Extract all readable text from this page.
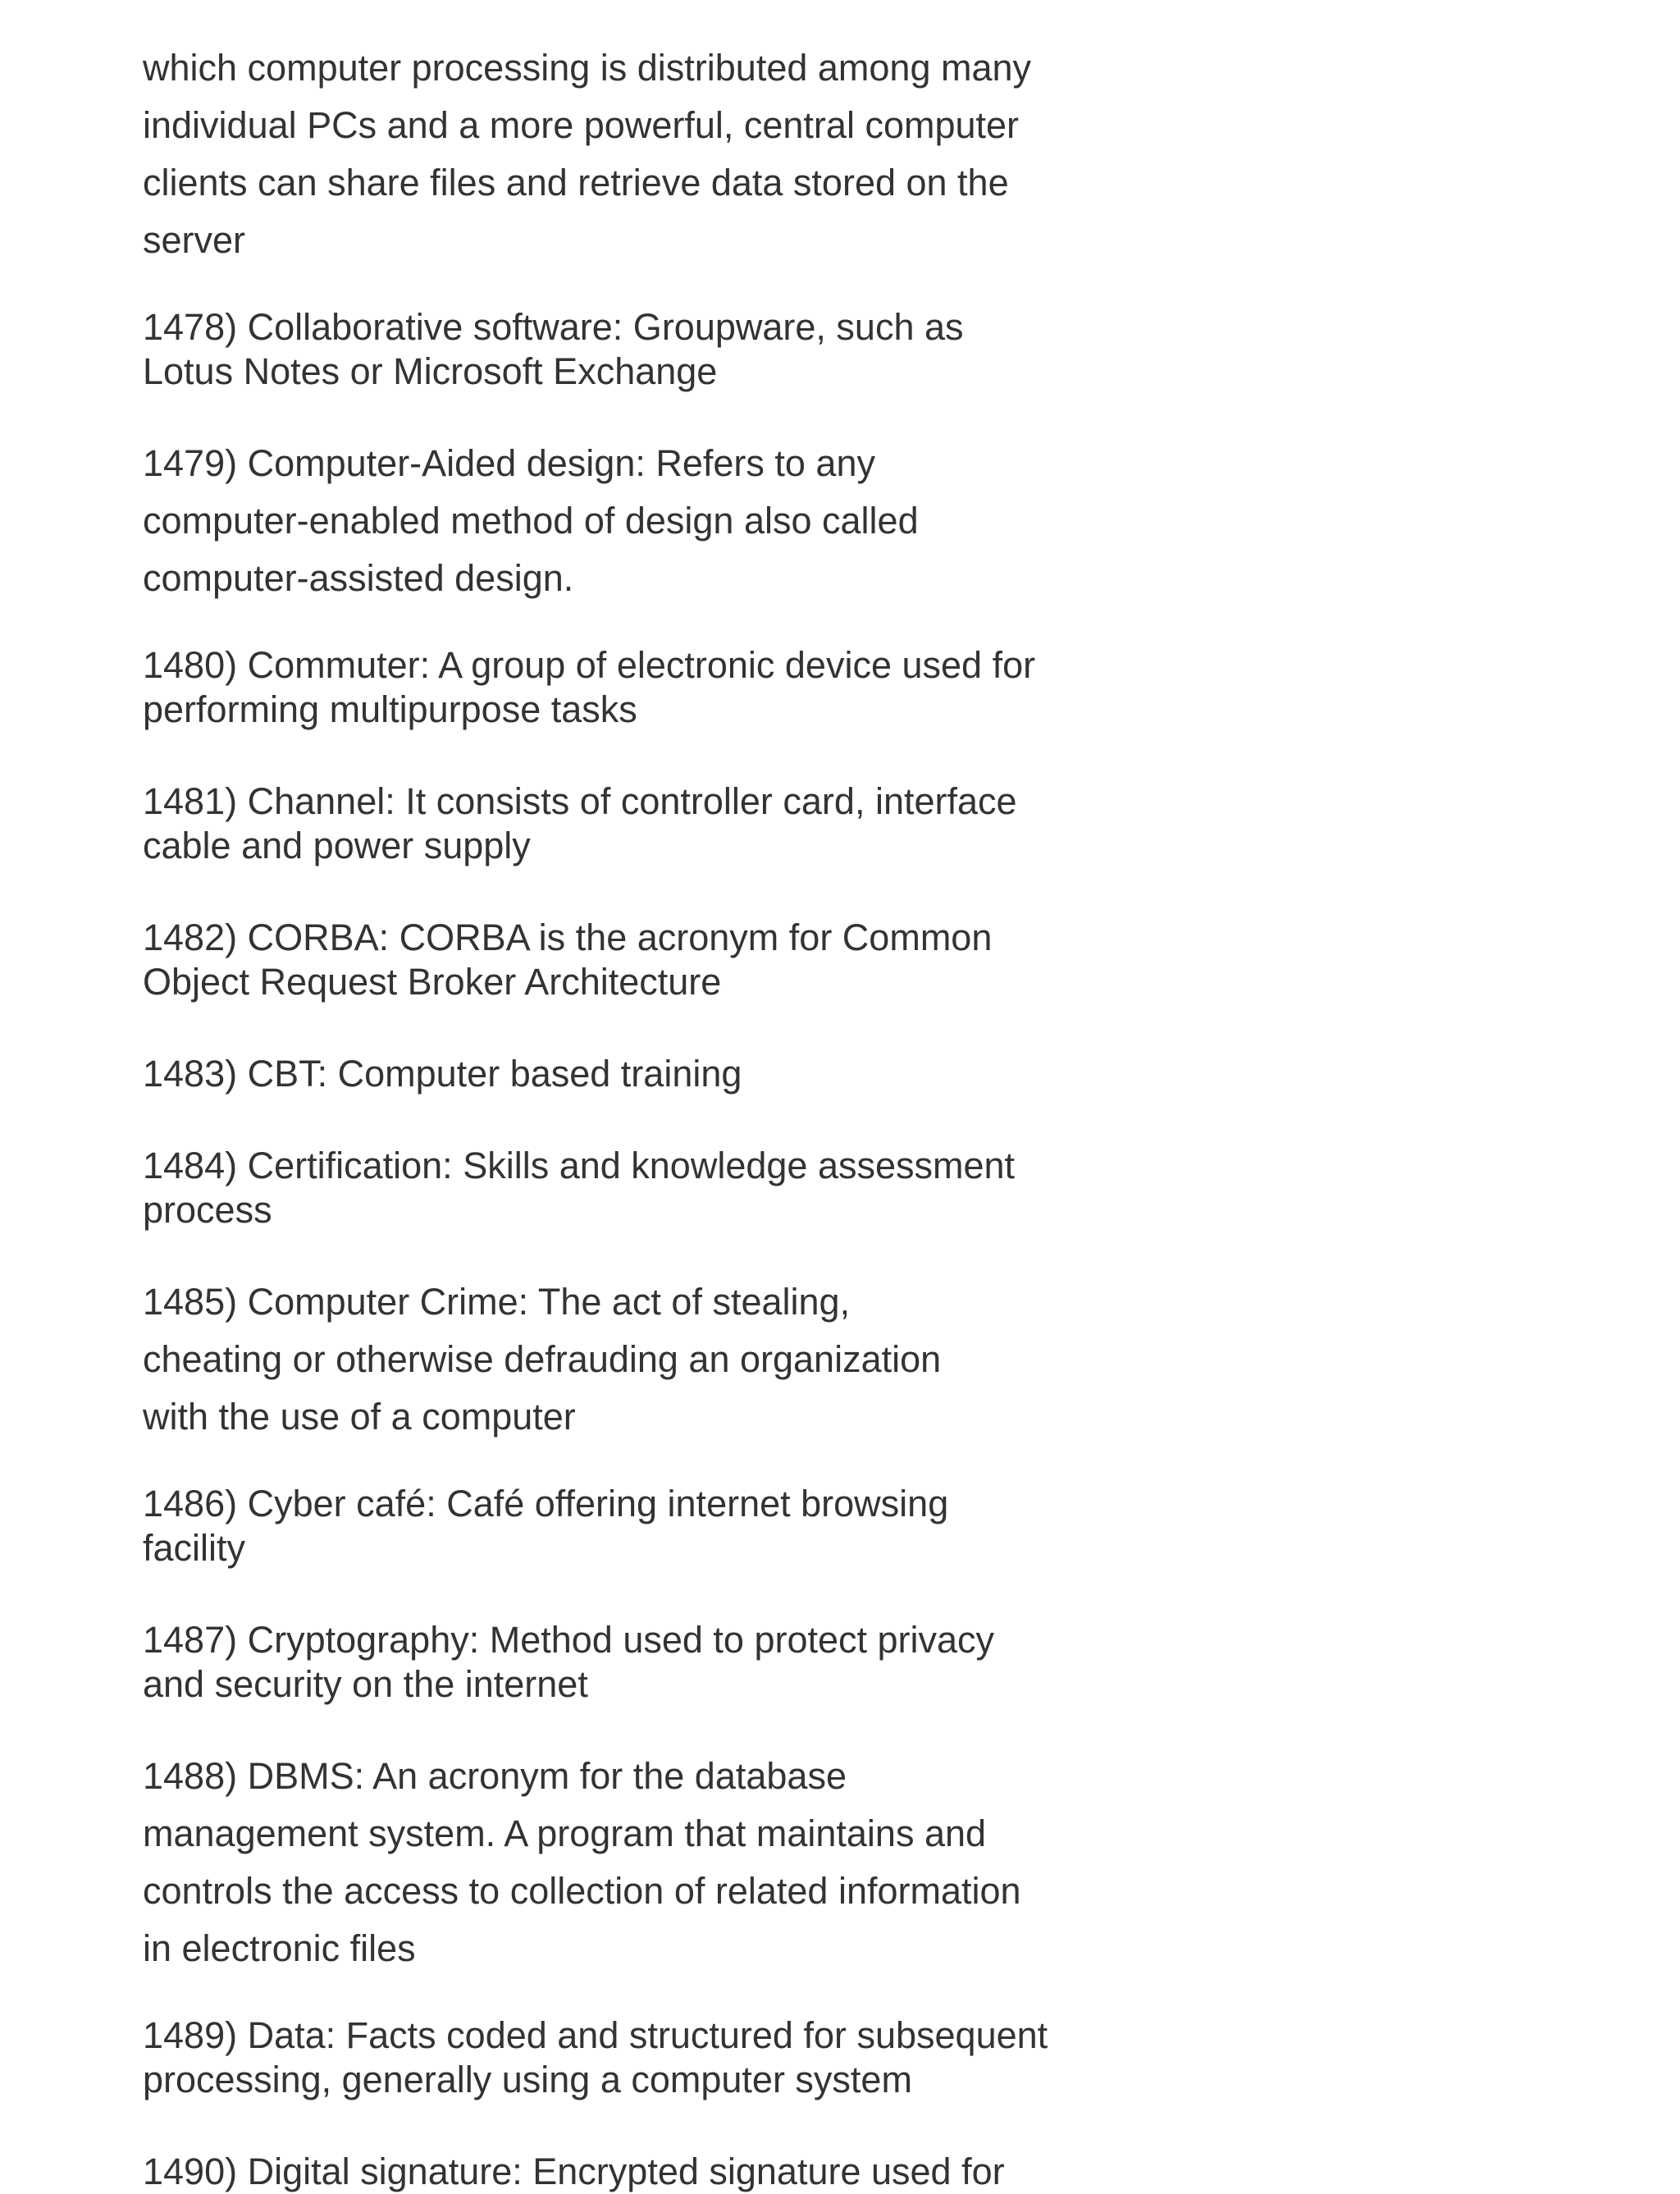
which computer processing is distributed among many

individual PCs and a more powerful, central computer

clients can share files and retrieve data stored on the

server

1478) Collaborative software: Groupware, such as

Lotus Notes or Microsoft Exchange

1479) Computer-Aided design: Refers to any

computer-enabled method of design also called

computer-assisted design.

1480) Commuter: A group of electronic device used for

performing multipurpose tasks

1481) Channel: It consists of controller card, interface

cable and power supply

1482) CORBA: CORBA is the acronym for Common

Object Request Broker Architecture

1483) CBT: Computer based training

1484) Certification: Skills and knowledge assessment

process

1485) Computer Crime: The act of stealing,

cheating or otherwise defrauding an organization

with the use of a computer

1486) Cyber café: Café offering internet browsing

facility

1487) Cryptography: Method used to protect privacy

and security on the internet

1488) DBMS: An acronym for the database

management system. A program that maintains and

controls the access to collection of related information

in electronic files

1489) Data: Facts coded and structured for subsequent

processing, generally using a computer system

1490) Digital signature: Encrypted signature used for
